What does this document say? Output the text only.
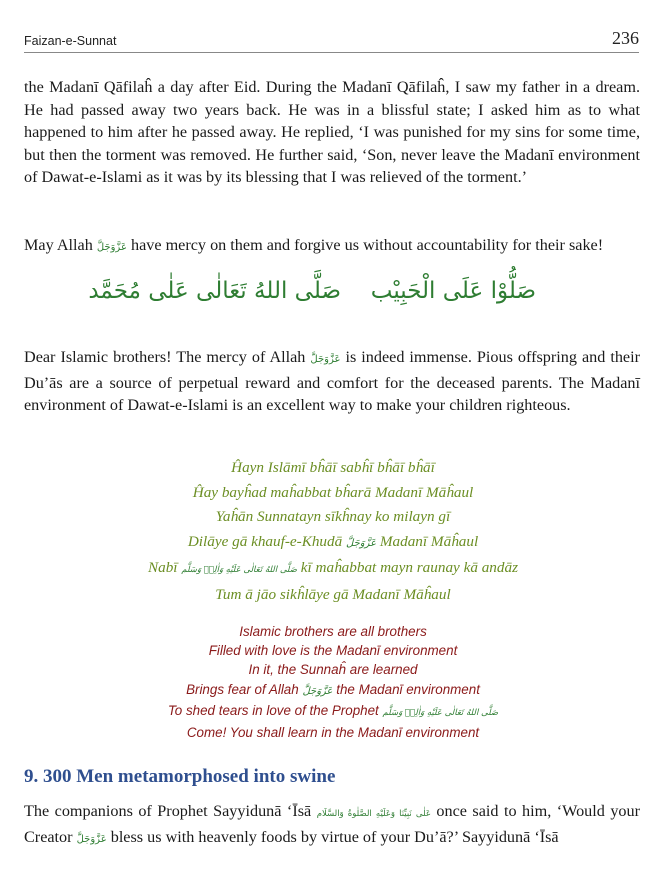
Faizan-e-Sunnat	236

the Madanī Qāfilaĥ a day after Eid. During the Madanī Qāfilaĥ, I saw my father in a dream. He had passed away two years back. He was in a blissful state; I asked him as to what happened to him after he passed away. He replied, ‘I was punished for my sins for some time, but then the torment was removed. He further said, ‘Son, never leave the Madanī environment of Dawat-e-Islami as it was by its blessing that I was relieved of the torment.’

May Allah عَزَّوَجَلَّ have mercy on them and forgive us without accountability for their sake!

صَلُّوْا عَلَى الْحَبِيْب
صَلَّى اللهُ تَعَالٰى عَلٰى مُحَمَّد

Dear Islamic brothers! The mercy of Allah عَزَّوَجَلَّ is indeed immense. Pious offspring and their Du’ās are a source of perpetual reward and comfort for the deceased parents. The Madanī environment of Dawat-e-Islami is an excellent way to make your children righteous.

Ĥayn Islāmī bĥāī sabĥī bĥāī bĥāī
Ĥay bayĥad maĥabbat bĥarā Madanī Māĥaul
Yaĥān Sunnatayn sīkĥnay ko milayn gī
Dilāye gā khauf-e-Khudā عَزَّوَجَلَّ Madanī Māĥaul
Nabī صَلَّى اللهُ تَعَالٰى عَلَيْهِ وَاٰلِهٖ وَسَلَّم kī maĥabbat mayn raunay kā andāz
Tum ā jāo sikĥlāye gā Madanī Māĥaul
Islamic brothers are all brothers
Filled with love is the Madanī environment
In it, the Sunnaĥ are learned
Brings fear of Allah عَزَّوَجَلَّ the Madanī environment
To shed tears in love of the Prophet صَلَّى اللهُ تَعَالٰى عَلَيْهِ وَاٰلِهٖ وَسَلَّم
Come! You shall learn in the Madanī environment
9. 300 Men metamorphosed into swine

The companions of Prophet Sayyidunā ‘Īsā عَلٰى نَبِيِّنَا وَعَلَيْهِ الصَّلٰوةُ وَالسَّلَام once said to him, ‘Would your Creator عَزَّوَجَلَّ bless us with heavenly foods by virtue of your Du’ā?’ Sayyidunā ‘Īsā
